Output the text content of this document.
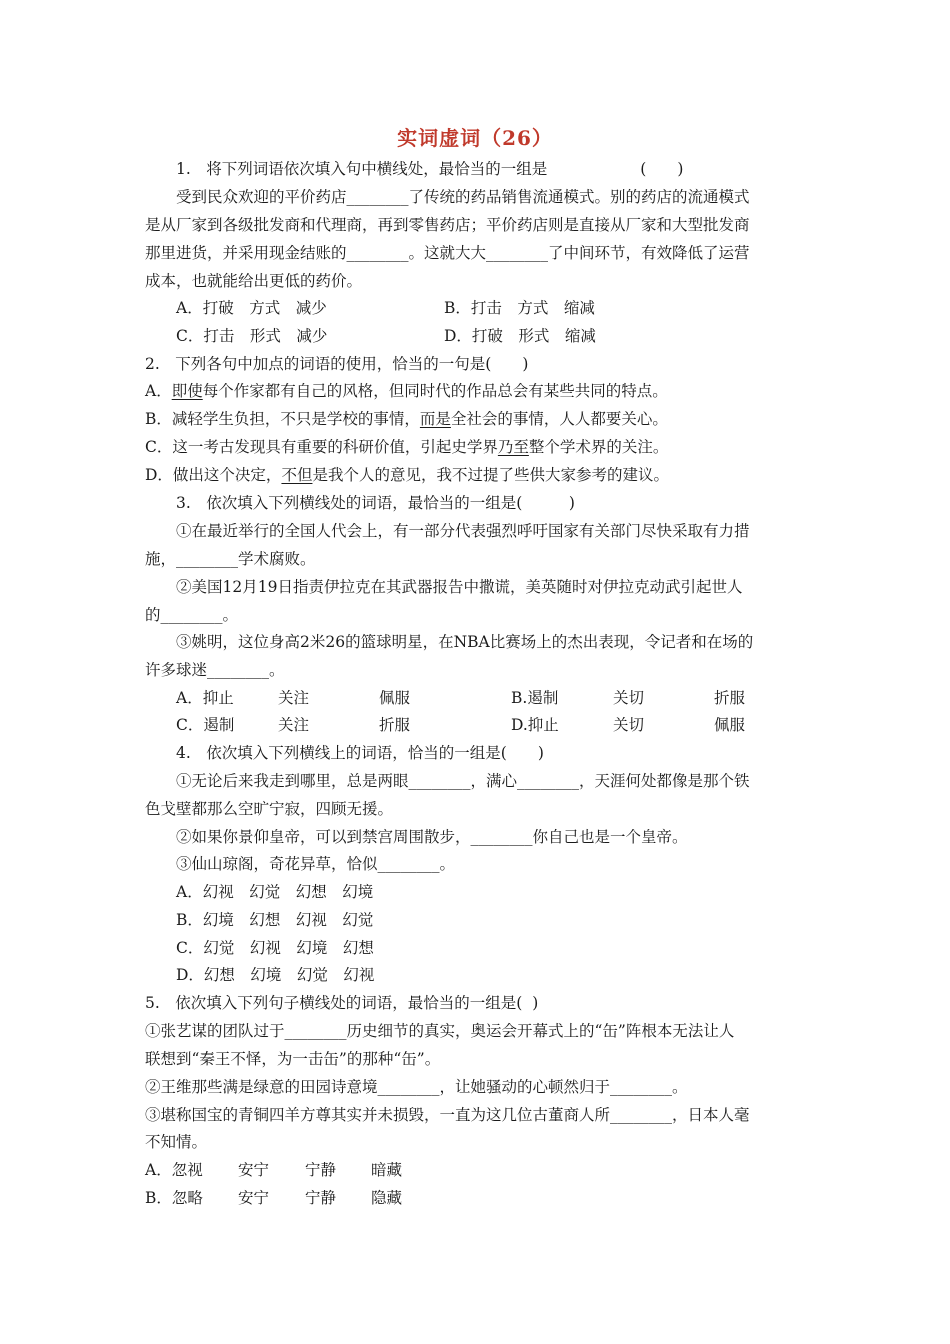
实词虚词（26）
1.　将下列词语依次填入句中横线处，最恰当的一组是　　　　　　(　　)
受到民众欢迎的平价药店________了传统的药品销售流通模式。别的药店的流通模式
是从厂家到各级批发商和代理商，再到零售药店；平价药店则是直接从厂家和大型批发商
那里进货，并采用现金结账的________。这就大大________了中间环节，有效降低了运营
成本，也就能给出更低的药价。
A．打破　方式　减少	B．打击　方式　缩减
C．打击　形式　减少	D．打破　形式　缩减
2.　下列各句中加点的词语的使用，恰当的一句是(　　)
A．即使每个作家都有自己的风格，但同时代的作品总会有某些共同的特点。
B．减轻学生负担，不只是学校的事情，而是全社会的事情，人人都要关心。
C．这一考古发现具有重要的科研价值，引起史学界乃至整个学术界的关注。
D．做出这个决定，不但是我个人的意见，我不过提了些供大家参考的建议。
3.　依次填入下列横线处的词语，最恰当的一组是(　　　)
①在最近举行的全国人代会上，有一部分代表强烈呼吁国家有关部门尽快采取有力措
施，________学术腐败。
②美国12月19日指责伊拉克在其武器报告中撒谎，美英随时对伊拉克动武引起世人
的________。
③姚明，这位身高2米26的篮球明星，在NBA比赛场上的杰出表现，令记者和在场的
许多球迷________。
A．抑止	关注	佩服	B.遏制	关切	折服
C．遏制	关注	折服	D.抑止	关切	佩服
4.　依次填入下列横线上的词语，恰当的一组是(　　)
①无论后来我走到哪里，总是两眼________，满心________，天涯何处都像是那个铁
色戈壁都那么空旷宁寂，四顾无援。
②如果你景仰皇帝，可以到禁宫周围散步，________你自己也是一个皇帝。
③仙山琼阁，奇花异草，恰似________。
A．幻视　幻觉　幻想　幻境
B．幻境　幻想　幻视　幻觉
C．幻觉　幻视　幻境　幻想
D．幻想　幻境　幻觉　幻视
5.　依次填入下列句子横线处的词语，最恰当的一组是(  )
①张艺谋的团队过于________历史细节的真实，奥运会开幕式上的“缶”阵根本无法让人
联想到“秦王不怿，为一击缶”的那种“缶”。
②王维那些满是绿意的田园诗意境________，让她骚动的心顿然归于________。
③堪称国宝的青铜四羊方尊其实并未损毁，一直为这几位古董商人所________，日本人毫
不知情。
A．忽视 安宁 宁静 暗藏
B．忽略 安宁 宁静 隐藏
